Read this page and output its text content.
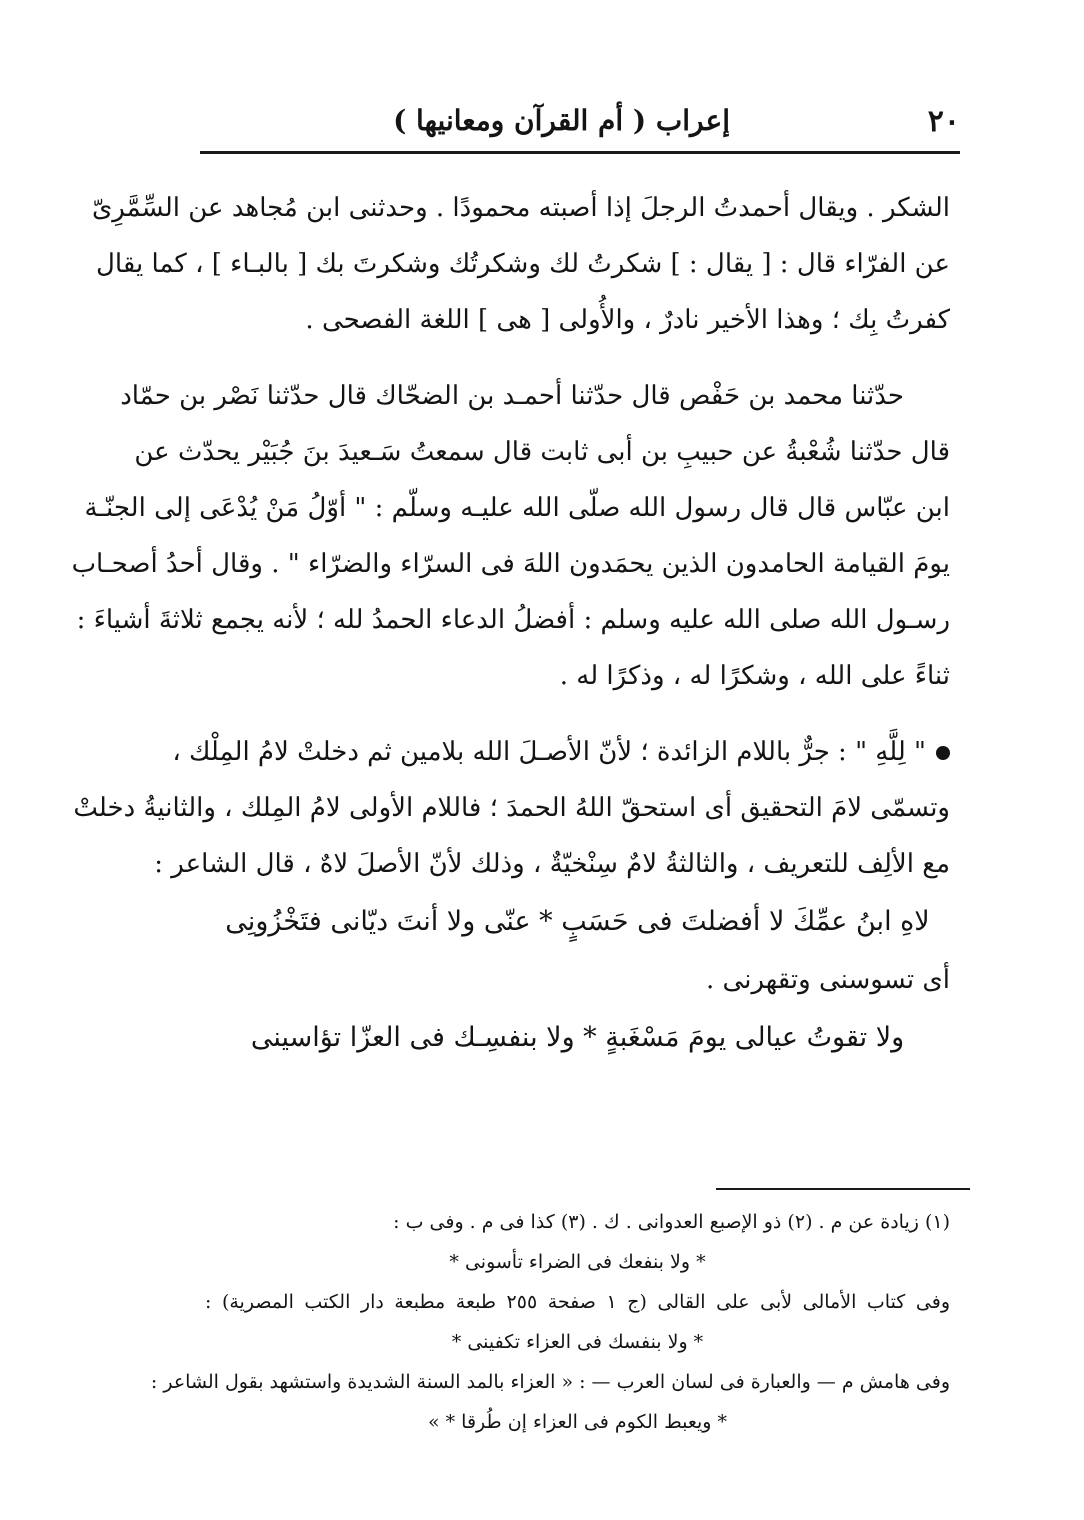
٢٠
إعراب ( أم القرآن ومعانيها )
الشكر . ويقال أحمدتُ الرجلَ إذا أصبته محمودًا . وحدثنى ابن مُجاهد عن السِّمَّرِىّ
عن الفرّاء قال : [ يقال : ] شكرتُ لك وشكرتُك وشكرتَ بك [ بالبـاء ] ، كما يقال
كفرتُ بِك ؛ وهذا الأخير نادرٌ ، والأُولى [ هى ] اللغة الفصحى .
حدّثنا محمد بن حَفْص قال حدّثنا أحمـد بن الضحّاك قال حدّثنا نَصْر بن حمّاد
قال حدّثنا شُعْبةُ عن حبيبِ بن أبى ثابت قال سمعتُ سَـعيدَ بنَ جُبَيْر يحدّث عن
ابن عبّاس قال قال رسول الله صلّى الله عليـه وسلّم : " أوّلُ مَنْ يُدْعَى إلى الجنّـة
يومَ القيامة الحامدون الذين يحمَدون اللهَ فى السرّاء والضرّاء " . وقال أحدُ أصحـاب
رسـول الله صلى الله عليه وسلم : أفضلُ الدعاء الحمدُ لله ؛ لأنه يجمع ثلاثةَ أشياءَ :
ثناءً على الله ، وشكرًا له ، وذكرًا له .
" لِلَّهِ " : جرٌّ باللام الزائدة ؛ لأنّ الأصـلَ الله بلامين ثم دخلتْ لامُ المِلْك ،
وتسمّى لامَ التحقيق أى استحقّ اللهُ الحمدَ ؛ فاللام الأولى لامُ المِلك ، والثانيةُ دخلتْ
مع الألِف للتعريف ، والثالثةُ لامٌ سِنْخيّةٌ ، وذلك لأنّ الأصلَ لاهٌ ، قال الشاعر :
لاهِ ابنُ عمِّكَ لا أفضلتَ فى حَسَبٍ * عنّى ولا أنتَ ديّانى فتَخْزُونِى
أى تسوسنى وتقهرنى .
ولا تقوتُ عيالى يومَ مَسْغَبةٍ * ولا بنفسِـك فى العزّا تؤاسينى
(١) زيادة عن م . (٢) ذو الإصبع العدوانى . ك . (٣) كذا فى م . وفى ب :
* ولا بنفعك فى الضراء تأسونى *
وفى كتاب الأمالى لأبى على القالى (ج ١ صفحة ٢٥٥ طبعة مطبعة دار الكتب المصرية) :
* ولا بنفسك فى العزاء تكفينى *
وفى هامش م — والعبارة فى لسان العرب — : « العزاء بالمد السنة الشديدة واستشهد بقول الشاعر :
* ويعبط الكوم فى العزاء إن طُرقا * »
